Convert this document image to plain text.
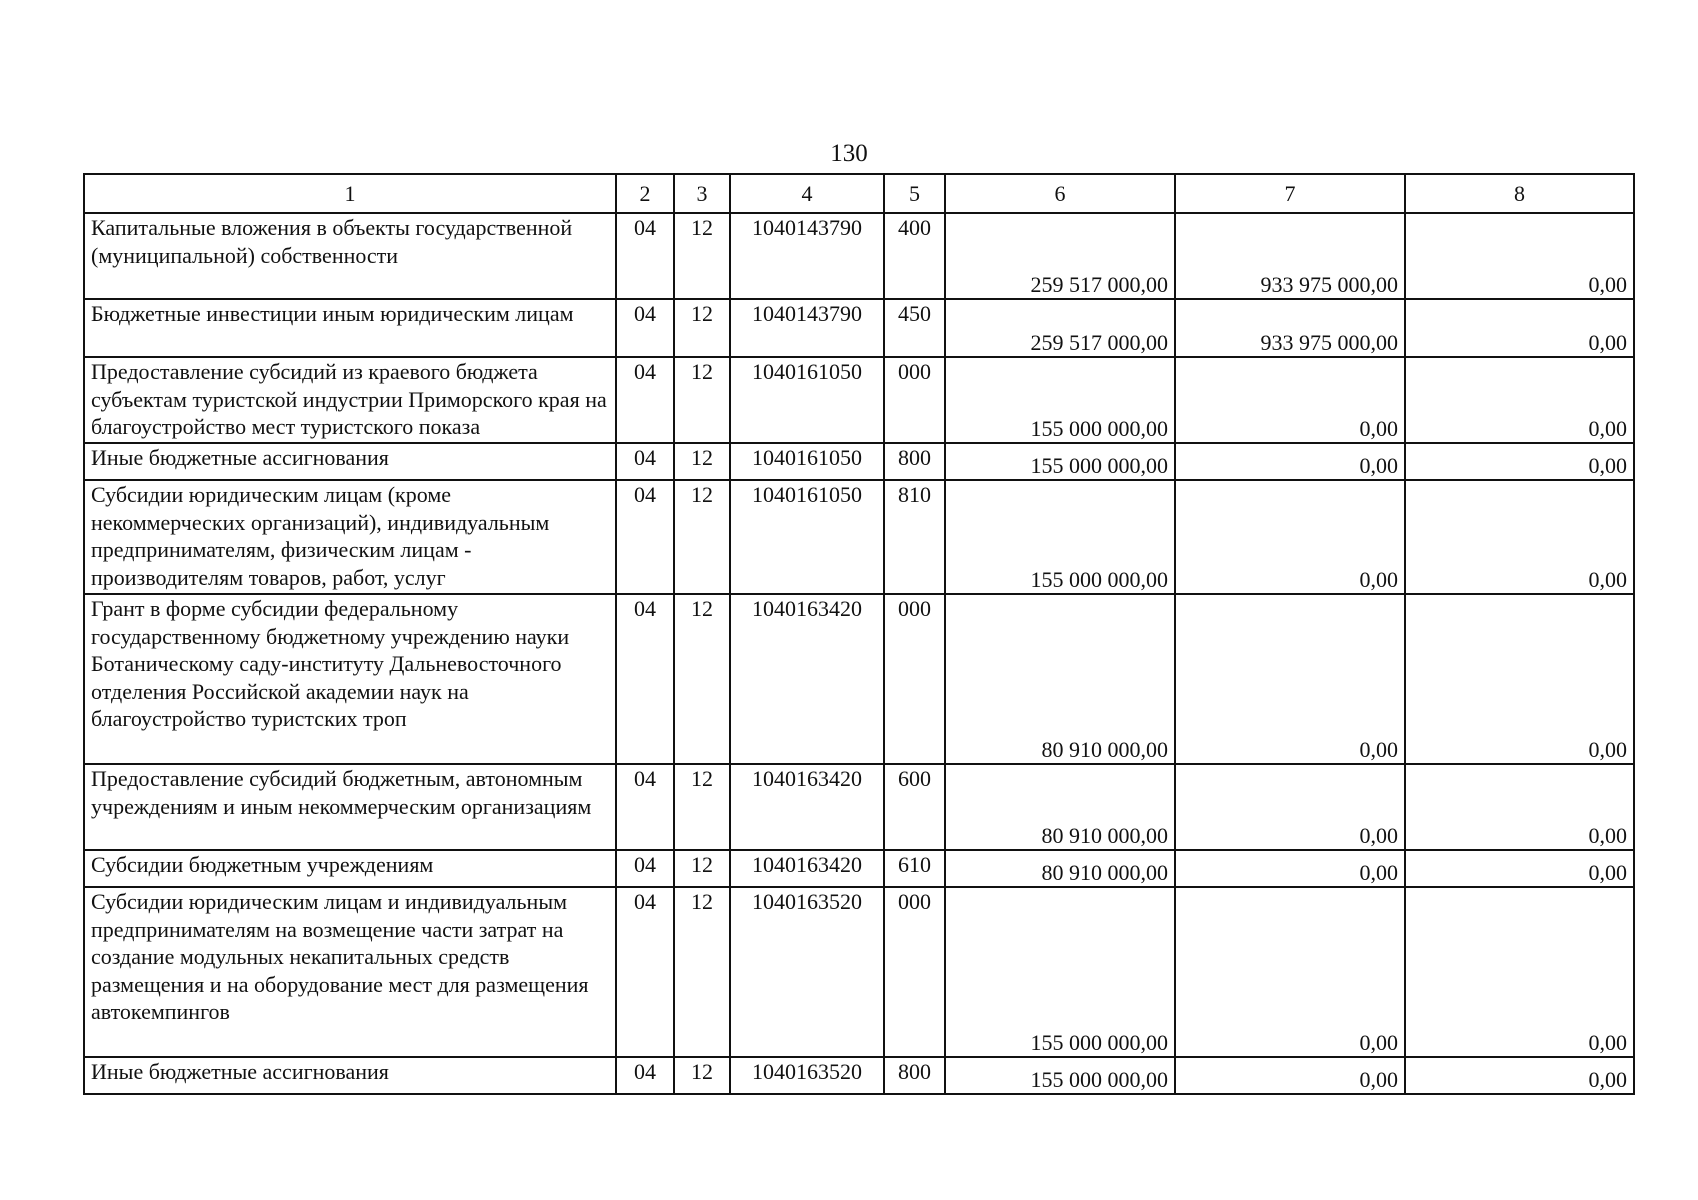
130
1	2	3	4	5	6	7	8
Капитальные вложения в объекты государственной (муниципальной) собственности	04	12	1040143790	400	259 517 000,00	933 975 000,00	0,00
Бюджетные инвестиции иным юридическим лицам	04	12	1040143790	450	259 517 000,00	933 975 000,00	0,00
Предоставление субсидий из краевого бюджета субъектам туристской индустрии Приморского края на благоустройство мест туристского показа	04	12	1040161050	000	155 000 000,00	0,00	0,00
Иные бюджетные ассигнования	04	12	1040161050	800	155 000 000,00	0,00	0,00
Субсидии юридическим лицам (кроме некоммерческих организаций), индивидуальным предпринимателям, физическим лицам - производителям товаров, работ, услуг	04	12	1040161050	810	155 000 000,00	0,00	0,00
Грант в форме субсидии федеральному государственному бюджетному учреждению науки Ботаническому саду-институту Дальневосточного отделения Российской академии наук на благоустройство туристских троп	04	12	1040163420	000	80 910 000,00	0,00	0,00
Предоставление субсидий бюджетным, автономным учреждениям и иным некоммерческим организациям	04	12	1040163420	600	80 910 000,00	0,00	0,00
Субсидии бюджетным учреждениям	04	12	1040163420	610	80 910 000,00	0,00	0,00
Субсидии юридическим лицам и индивидуальным предпринимателям на возмещение части затрат на создание модульных некапитальных средств размещения и на оборудование мест для размещения автокемпингов	04	12	1040163520	000	155 000 000,00	0,00	0,00
Иные бюджетные ассигнования	04	12	1040163520	800	155 000 000,00	0,00	0,00
